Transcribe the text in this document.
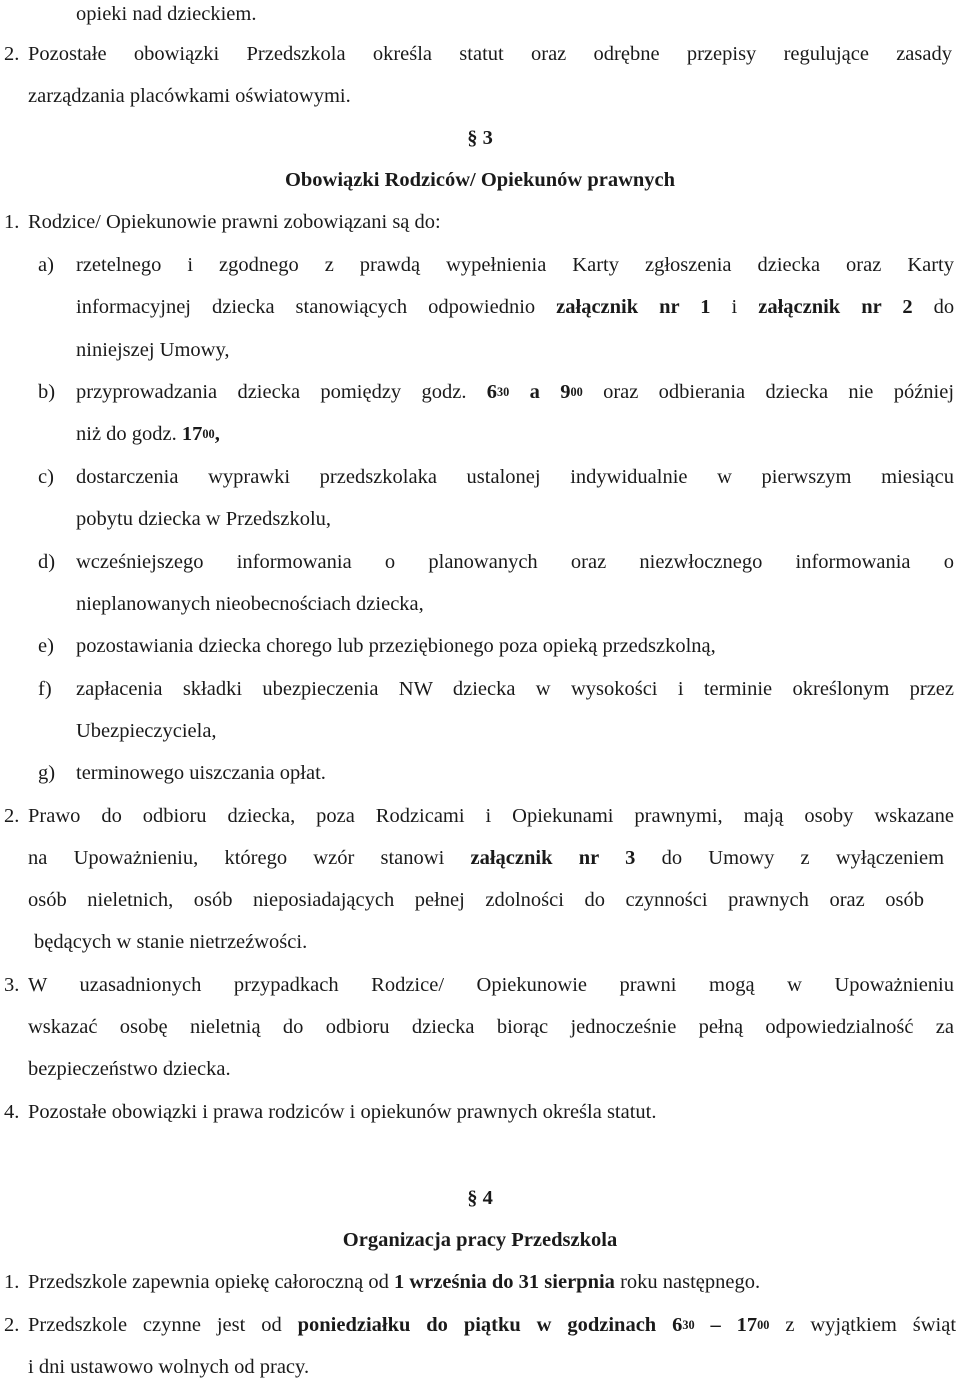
opieki nad dzieckiem.

2. Pozostałe obowiązki Przedszkola określa statut oraz odrębne przepisy regulujące zasady

zarządzania placówkami oświatowymi.

§ 3

Obowiązki Rodziców/ Opiekunów prawnych

1. Rodzice/ Opiekunowie prawni zobowiązani są do:

a) rzetelnego i zgodnego z prawdą wypełnienia Karty zgłoszenia dziecka oraz Karty

informacyjnej dziecka stanowiących odpowiednio załącznik nr 1 i załącznik nr 2 do

niniejszej Umowy,

b) przyprowadzania dziecka pomiędzy godz. $6^{30}$ a $9^{00}$ oraz odbierania dziecka nie później

niż do godz. $17^{00}$,

c) dostarczenia wyprawki przedszkolaka ustalonej indywidualnie w pierwszym miesiącu

pobytu dziecka w Przedszkolu,

d) wcześniejszego informowania o planowanych oraz niezwłocznego informowania o

nieplanowanych nieobecnościach dziecka,

e) pozostawiania dziecka chorego lub przeziębionego poza opieką przedszkolną,

f) zapłacenia składki ubezpieczenia NW dziecka w wysokości i terminie określonym przez

Ubezpieczyciela,

g) terminowego uiszczania opłat.

2. Prawo do odbioru dziecka, poza Rodzicami i Opiekunami prawnymi, mają osoby wskazane

na Upoważnieniu, którego wzór stanowi załącznik nr 3 do Umowy z wyłączeniem

osób nieletnich, osób nieposiadających pełnej zdolności do czynności prawnych oraz osób

będących w stanie nietrzeźwości.

3. W uzasadnionych przypadkach Rodzice/ Opiekunowie prawni mogą w Upoważnieniu

wskazać osobę nieletnią do odbioru dziecka biorąc jednocześnie pełną odpowiedzialność za

bezpieczeństwo dziecka.

4. Pozostałe obowiązki i prawa rodziców i opiekunów prawnych określa statut.

§ 4

Organizacja pracy Przedszkola

1. Przedszkole zapewnia opiekę całoroczną od 1 września do 31 sierpnia roku następnego.

2. Przedszkole czynne jest od poniedziałku do piątku w godzinach $6^{30} - 17^{00}$ z wyjątkiem świąt

i dni ustawowo wolnych od pracy.
